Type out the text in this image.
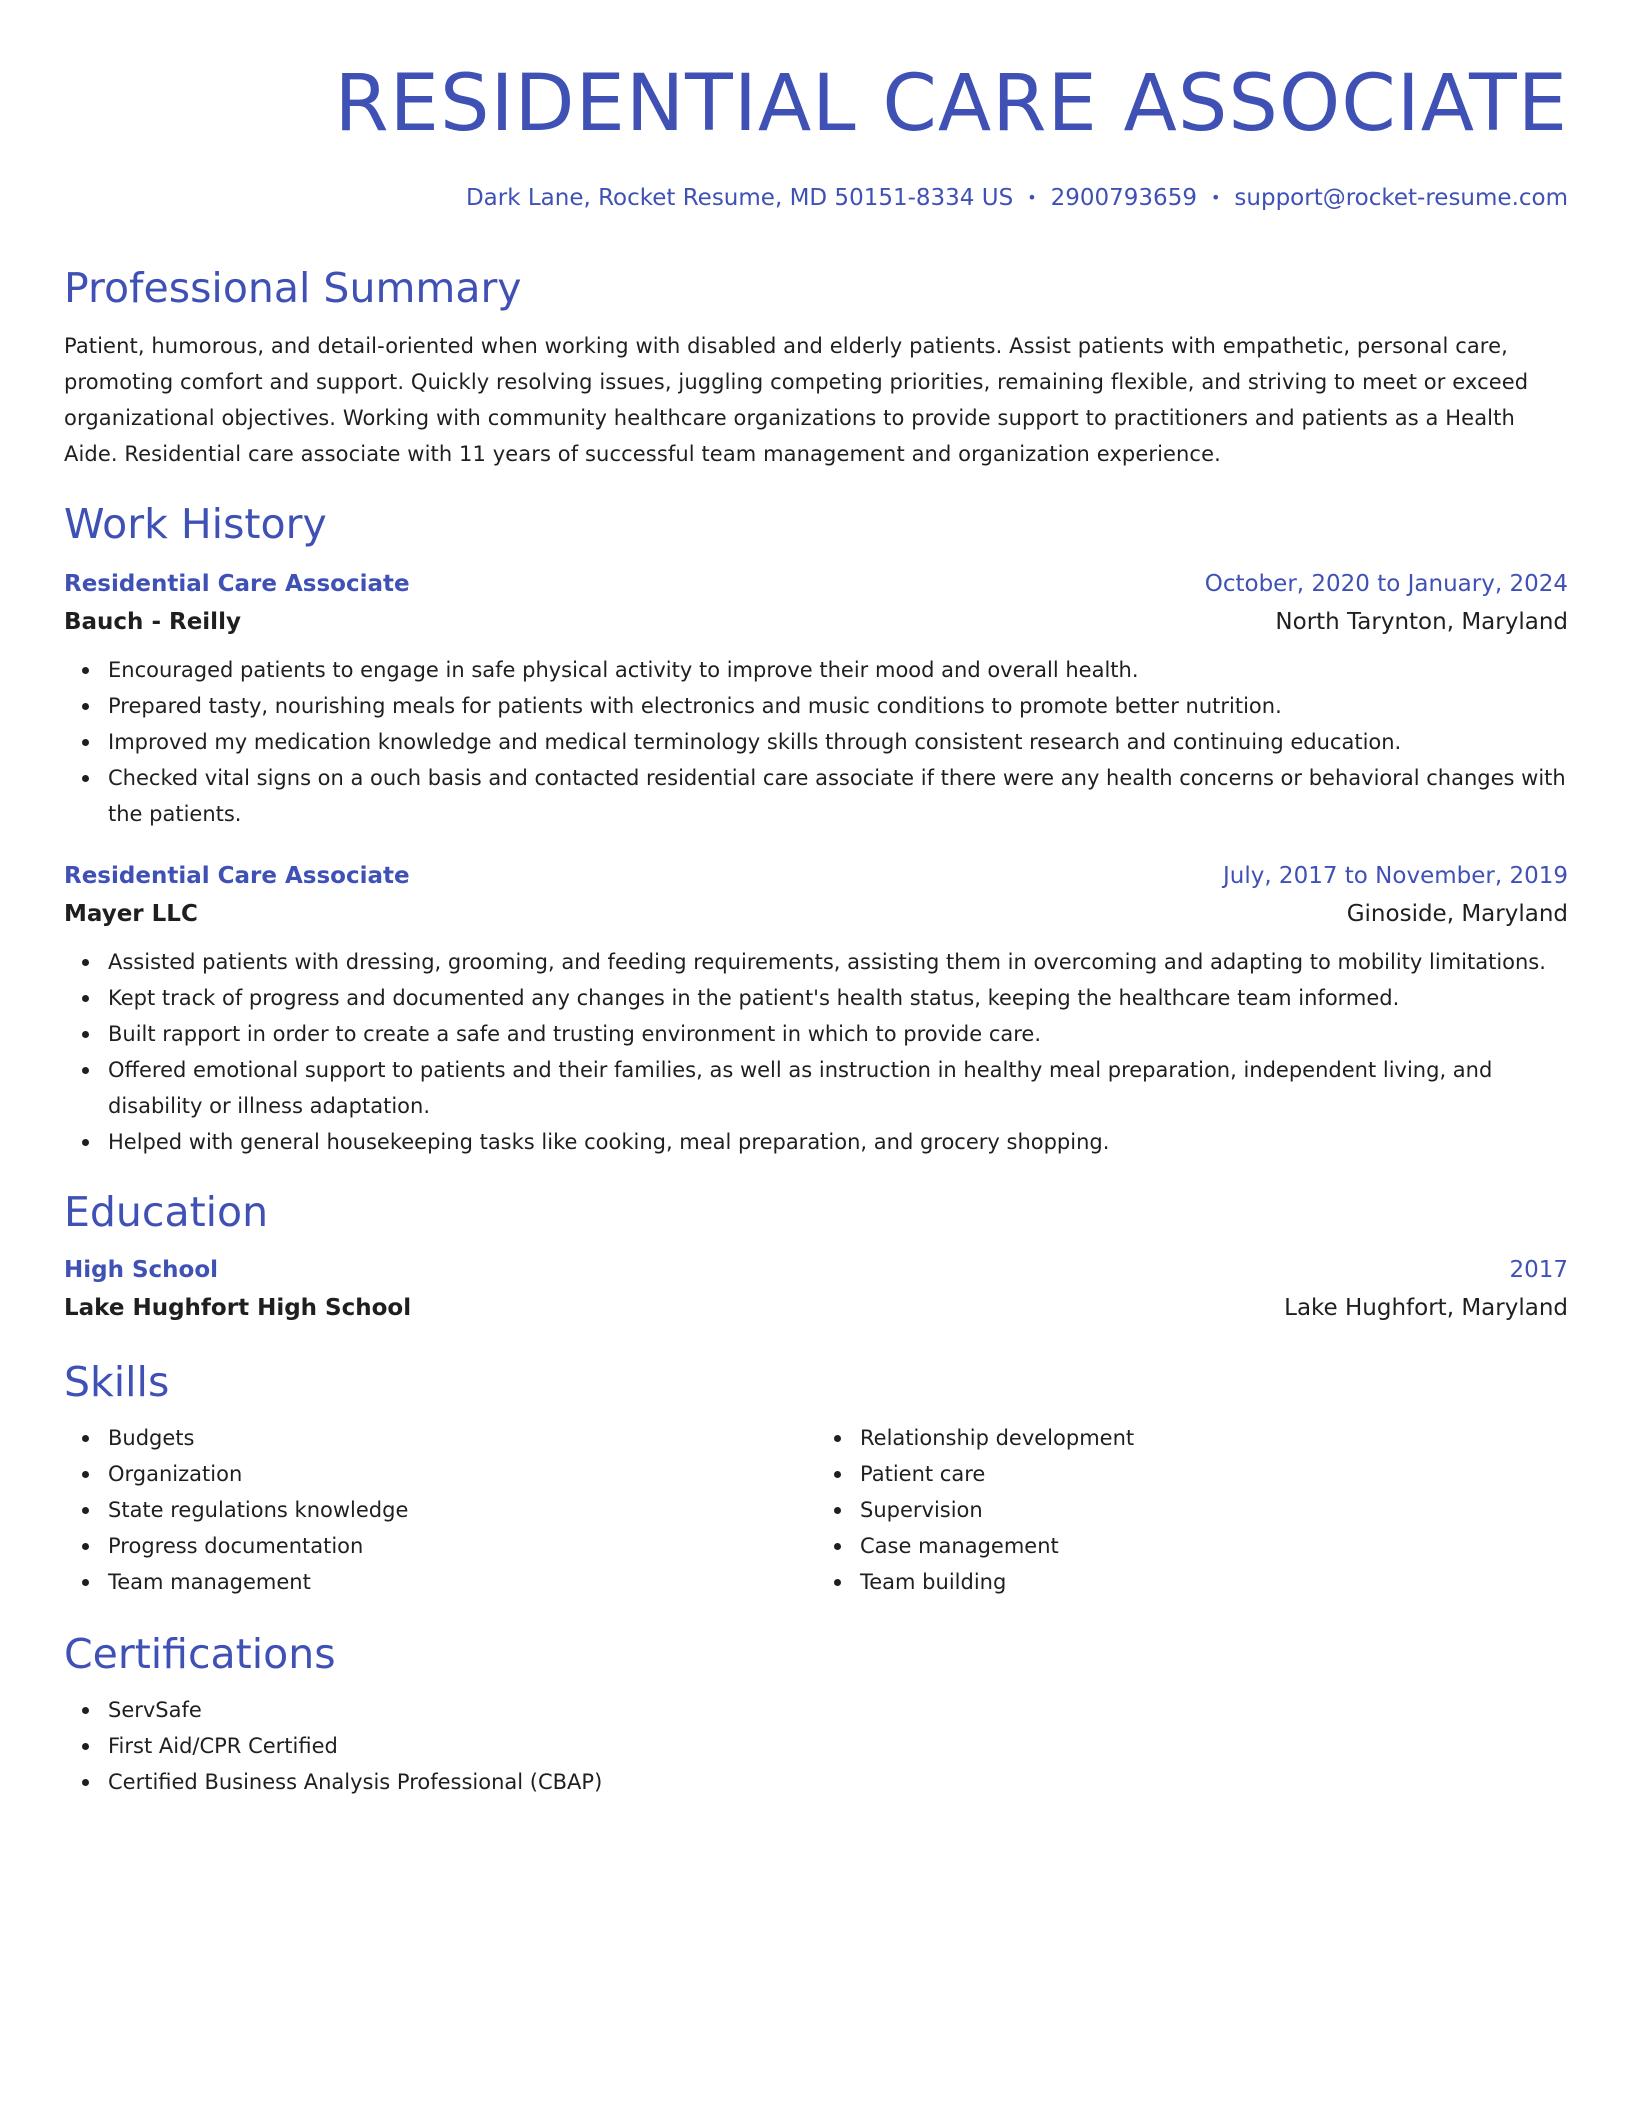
RESIDENTIAL CARE ASSOCIATE
Dark Lane, Rocket Resume, MD 50151-8334 US • 2900793659 • support@rocket-resume.com
Professional Summary

Patient, humorous, and detail-oriented when working with disabled and elderly patients. Assist patients with empathetic, personal care, promoting comfort and support. Quickly resolving issues, juggling competing priorities, remaining flexible, and striving to meet or exceed organizational objectives. Working with community healthcare organizations to provide support to practitioners and patients as a Health Aide. Residential care associate with 11 years of successful team management and organization experience.

Work History
Residential Care Associate	October, 2020 to January, 2024
Bauch - Reilly	North Tarynton, Maryland
Encouraged patients to engage in safe physical activity to improve their mood and overall health.
Prepared tasty, nourishing meals for patients with electronics and music conditions to promote better nutrition.
Improved my medication knowledge and medical terminology skills through consistent research and continuing education.
Checked vital signs on a ouch basis and contacted residential care associate if there were any health concerns or behavioral changes with the patients.
Residential Care Associate	July, 2017 to November, 2019
Mayer LLC	Ginoside, Maryland
Assisted patients with dressing, grooming, and feeding requirements, assisting them in overcoming and adapting to mobility limitations.
Kept track of progress and documented any changes in the patient's health status, keeping the healthcare team informed.
Built rapport in order to create a safe and trusting environment in which to provide care.
Offered emotional support to patients and their families, as well as instruction in healthy meal preparation, independent living, and disability or illness adaptation.
Helped with general housekeeping tasks like cooking, meal preparation, and grocery shopping.
Education
High School	2017
Lake Hughfort High School	Lake Hughfort, Maryland
Skills
Budgets
Organization
State regulations knowledge
Progress documentation
Team management
Relationship development
Patient care
Supervision
Case management
Team building
Certifications
ServSafe
First Aid/CPR Certified
Certified Business Analysis Professional (CBAP)
